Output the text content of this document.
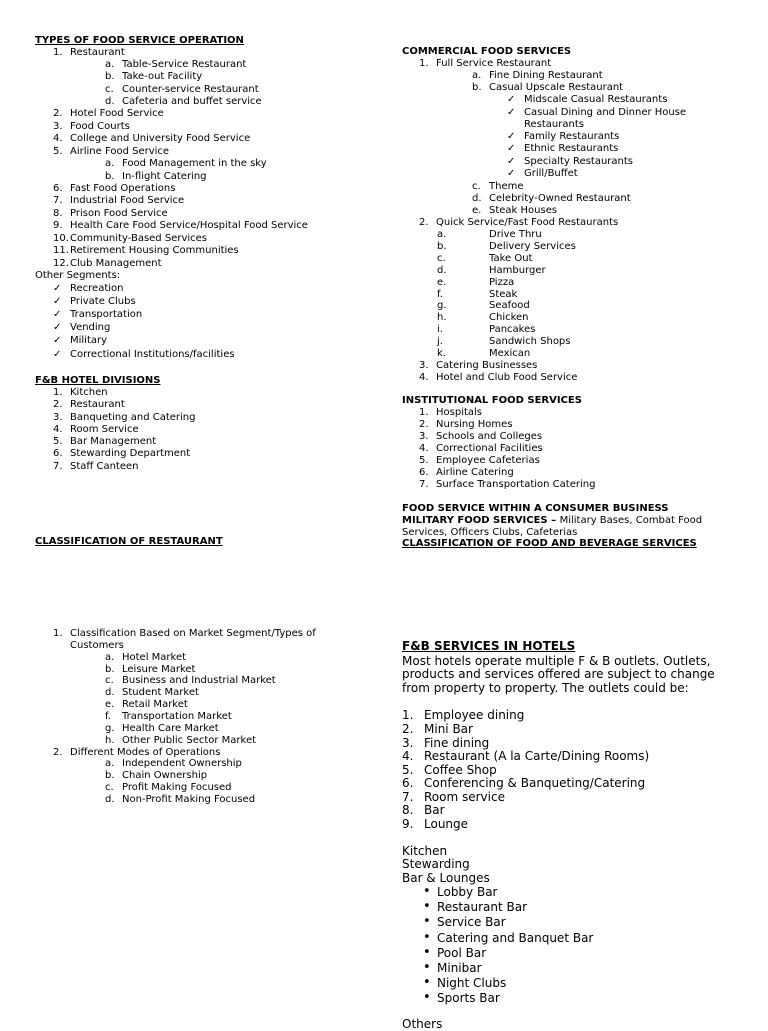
TYPES OF FOOD SERVICE OPERATION
1. Restaurant
a. Table-Service Restaurant
b. Take-out Facility
c. Counter-service Restaurant
d. Cafeteria and buffet service
2. Hotel Food Service
3. Food Courts
4. College and University Food Service
5. Airline Food Service
a. Food Management in the sky
b. In-flight Catering
6. Fast Food Operations
7. Industrial Food Service
8. Prison Food Service
9. Health Care Food Service/Hospital Food Service
10. Community-Based Services
11. Retirement Housing Communities
12. Club Management
Other Segments:
✓ Recreation
✓ Private Clubs
✓ Transportation
✓ Vending
✓ Military
✓ Correctional Institutions/facilities
F&B HOTEL DIVISIONS
1. Kitchen
2. Restaurant
3. Banqueting and Catering
4. Room Service
5. Bar Management
6. Stewarding Department
7. Staff Canteen
CLASSIFICATION OF RESTAURANT
1. Classification Based on Market Segment/Types of
Customers
a. Hotel Market
b. Leisure Market
c. Business and Industrial Market
d. Student Market
e. Retail Market
f. Transportation Market
g. Health Care Market
h. Other Public Sector Market
2. Different Modes of Operations
a. Independent Ownership
b. Chain Ownership
c. Profit Making Focused
d. Non-Profit Making Focused
COMMERCIAL FOOD SERVICES
1. Full Service Restaurant
a. Fine Dining Restaurant
b. Casual Upscale Restaurant
✓ Midscale Casual Restaurants
✓ Casual Dining and Dinner House
Restaurants
✓ Family Restaurants
✓ Ethnic Restaurants
✓ Specialty Restaurants
✓ Grill/Buffet
c. Theme
d. Celebrity-Owned Restaurant
e. Steak Houses
2. Quick Service/Fast Food Restaurants
a.	Drive Thru
b.	Delivery Services
c.	Take Out
d.	Hamburger
e.	Pizza
f.	Steak
g.	Seafood
h.	Chicken
i.	Pancakes
j.	Sandwich Shops
k.	Mexican
3. Catering Businesses
4. Hotel and Club Food Service
INSTITUTIONAL FOOD SERVICES
1. Hospitals
2. Nursing Homes
3. Schools and Colleges
4. Correctional Facilities
5. Employee Cafeterias
6. Airline Catering
7. Surface Transportation Catering
FOOD SERVICE WITHIN A CONSUMER BUSINESS
MILITARY FOOD SERVICES – Military Bases, Combat Food
Services, Officers Clubs, Cafeterias
CLASSIFICATION OF FOOD AND BEVERAGE SERVICES
F&B SERVICES IN HOTELS
Most hotels operate multiple F & B outlets. Outlets,
products and services offered are subject to change
from property to property. The outlets could be:
1. Employee dining
2. Mini Bar
3. Fine dining
4. Restaurant (A la Carte/Dining Rooms)
5. Coffee Shop
6. Conferencing & Banqueting/Catering
7. Room service
8. Bar
9. Lounge
Kitchen
Stewarding
Bar & Lounges
• Lobby Bar
• Restaurant Bar
• Service Bar
• Catering and Banquet Bar
• Pool Bar
• Minibar
• Night Clubs
• Sports Bar
Others
